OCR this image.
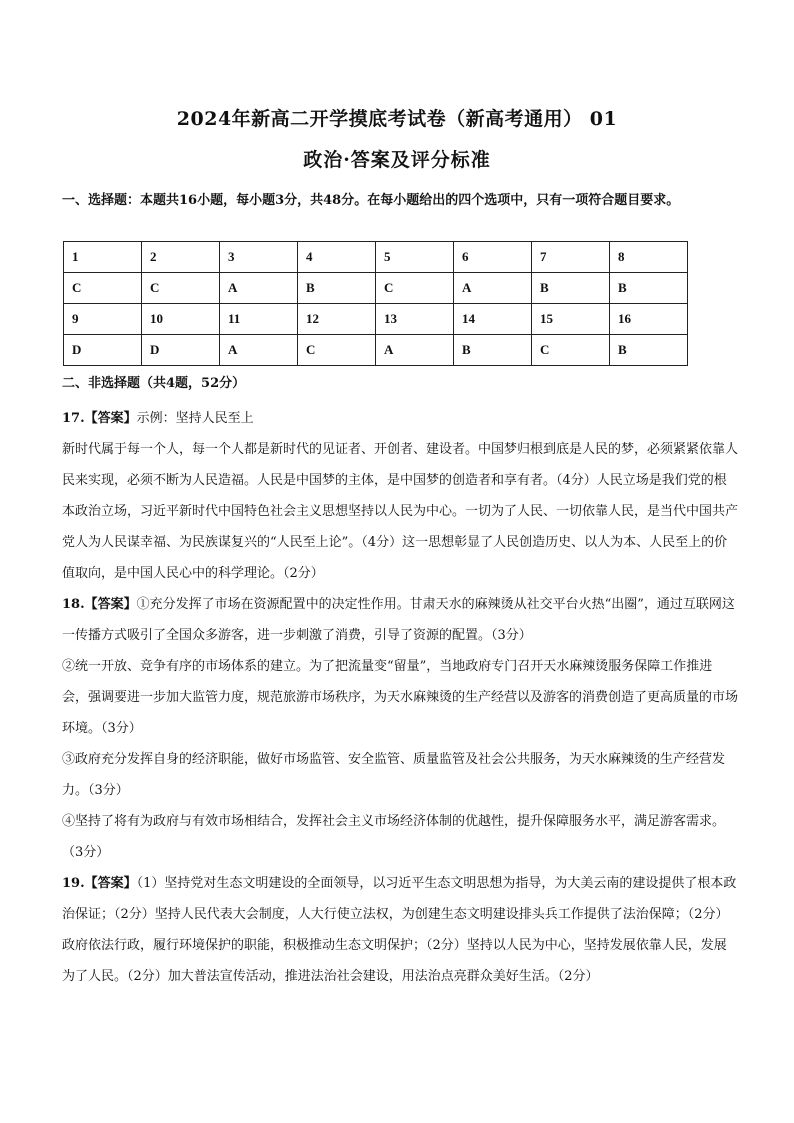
2024年新高二开学摸底考试卷（新高考通用） 01
政治·答案及评分标准
一、选择题：本题共16小题，每小题3分，共48分。在每小题给出的四个选项中，只有一项符合题目要求。
1	2	3	4	5	6	7	8
C	C	A	B	C	A	B	B
9	10	11	12	13	14	15	16
D	D	A	C	A	B	C	B
二、非选择题（共4题，52分）

17.【答案】示例：坚持人民至上

新时代属于每一个人，每一个人都是新时代的见证者、开创者、建设者。中国梦归根到底是人民的梦，必须紧紧依靠人民来实现，必须不断为人民造福。人民是中国梦的主体，是中国梦的创造者和享有者。（4分）人民立场是我们党的根本政治立场，习近平新时代中国特色社会主义思想坚持以人民为中心。一切为了人民、一切依靠人民，是当代中国共产党人为人民谋幸福、为民族谋复兴的“人民至上论”。（4分）这一思想彰显了人民创造历史、以人为本、人民至上的价值取向，是中国人民心中的科学理论。（2分）

18.【答案】①充分发挥了市场在资源配置中的决定性作用。甘肃天水的麻辣烫从社交平台火热“出圈”，通过互联网这一传播方式吸引了全国众多游客，进一步刺激了消费，引导了资源的配置。（3分）

②统一开放、竞争有序的市场体系的建立。为了把流量变“留量”，当地政府专门召开天水麻辣烫服务保障工作推进会，强调要进一步加大监管力度，规范旅游市场秩序，为天水麻辣烫的生产经营以及游客的消费创造了更高质量的市场环境。（3分）

③政府充分发挥自身的经济职能，做好市场监管、安全监管、质量监管及社会公共服务，为天水麻辣烫的生产经营发力。（3分）

④坚持了将有为政府与有效市场相结合，发挥社会主义市场经济体制的优越性，提升保障服务水平，满足游客需求。（3分）

19.【答案】（1）坚持党对生态文明建设的全面领导，以习近平生态文明思想为指导，为大美云南的建设提供了根本政治保证；（2分）坚持人民代表大会制度，人大行使立法权，为创建生态文明建设排头兵工作提供了法治保障；（2分）政府依法行政，履行环境保护的职能，积极推动生态文明保护；（2分）坚持以人民为中心，坚持发展依靠人民，发展为了人民。（2分）加大普法宣传活动，推进法治社会建设，用法治点亮群众美好生活。（2分）
